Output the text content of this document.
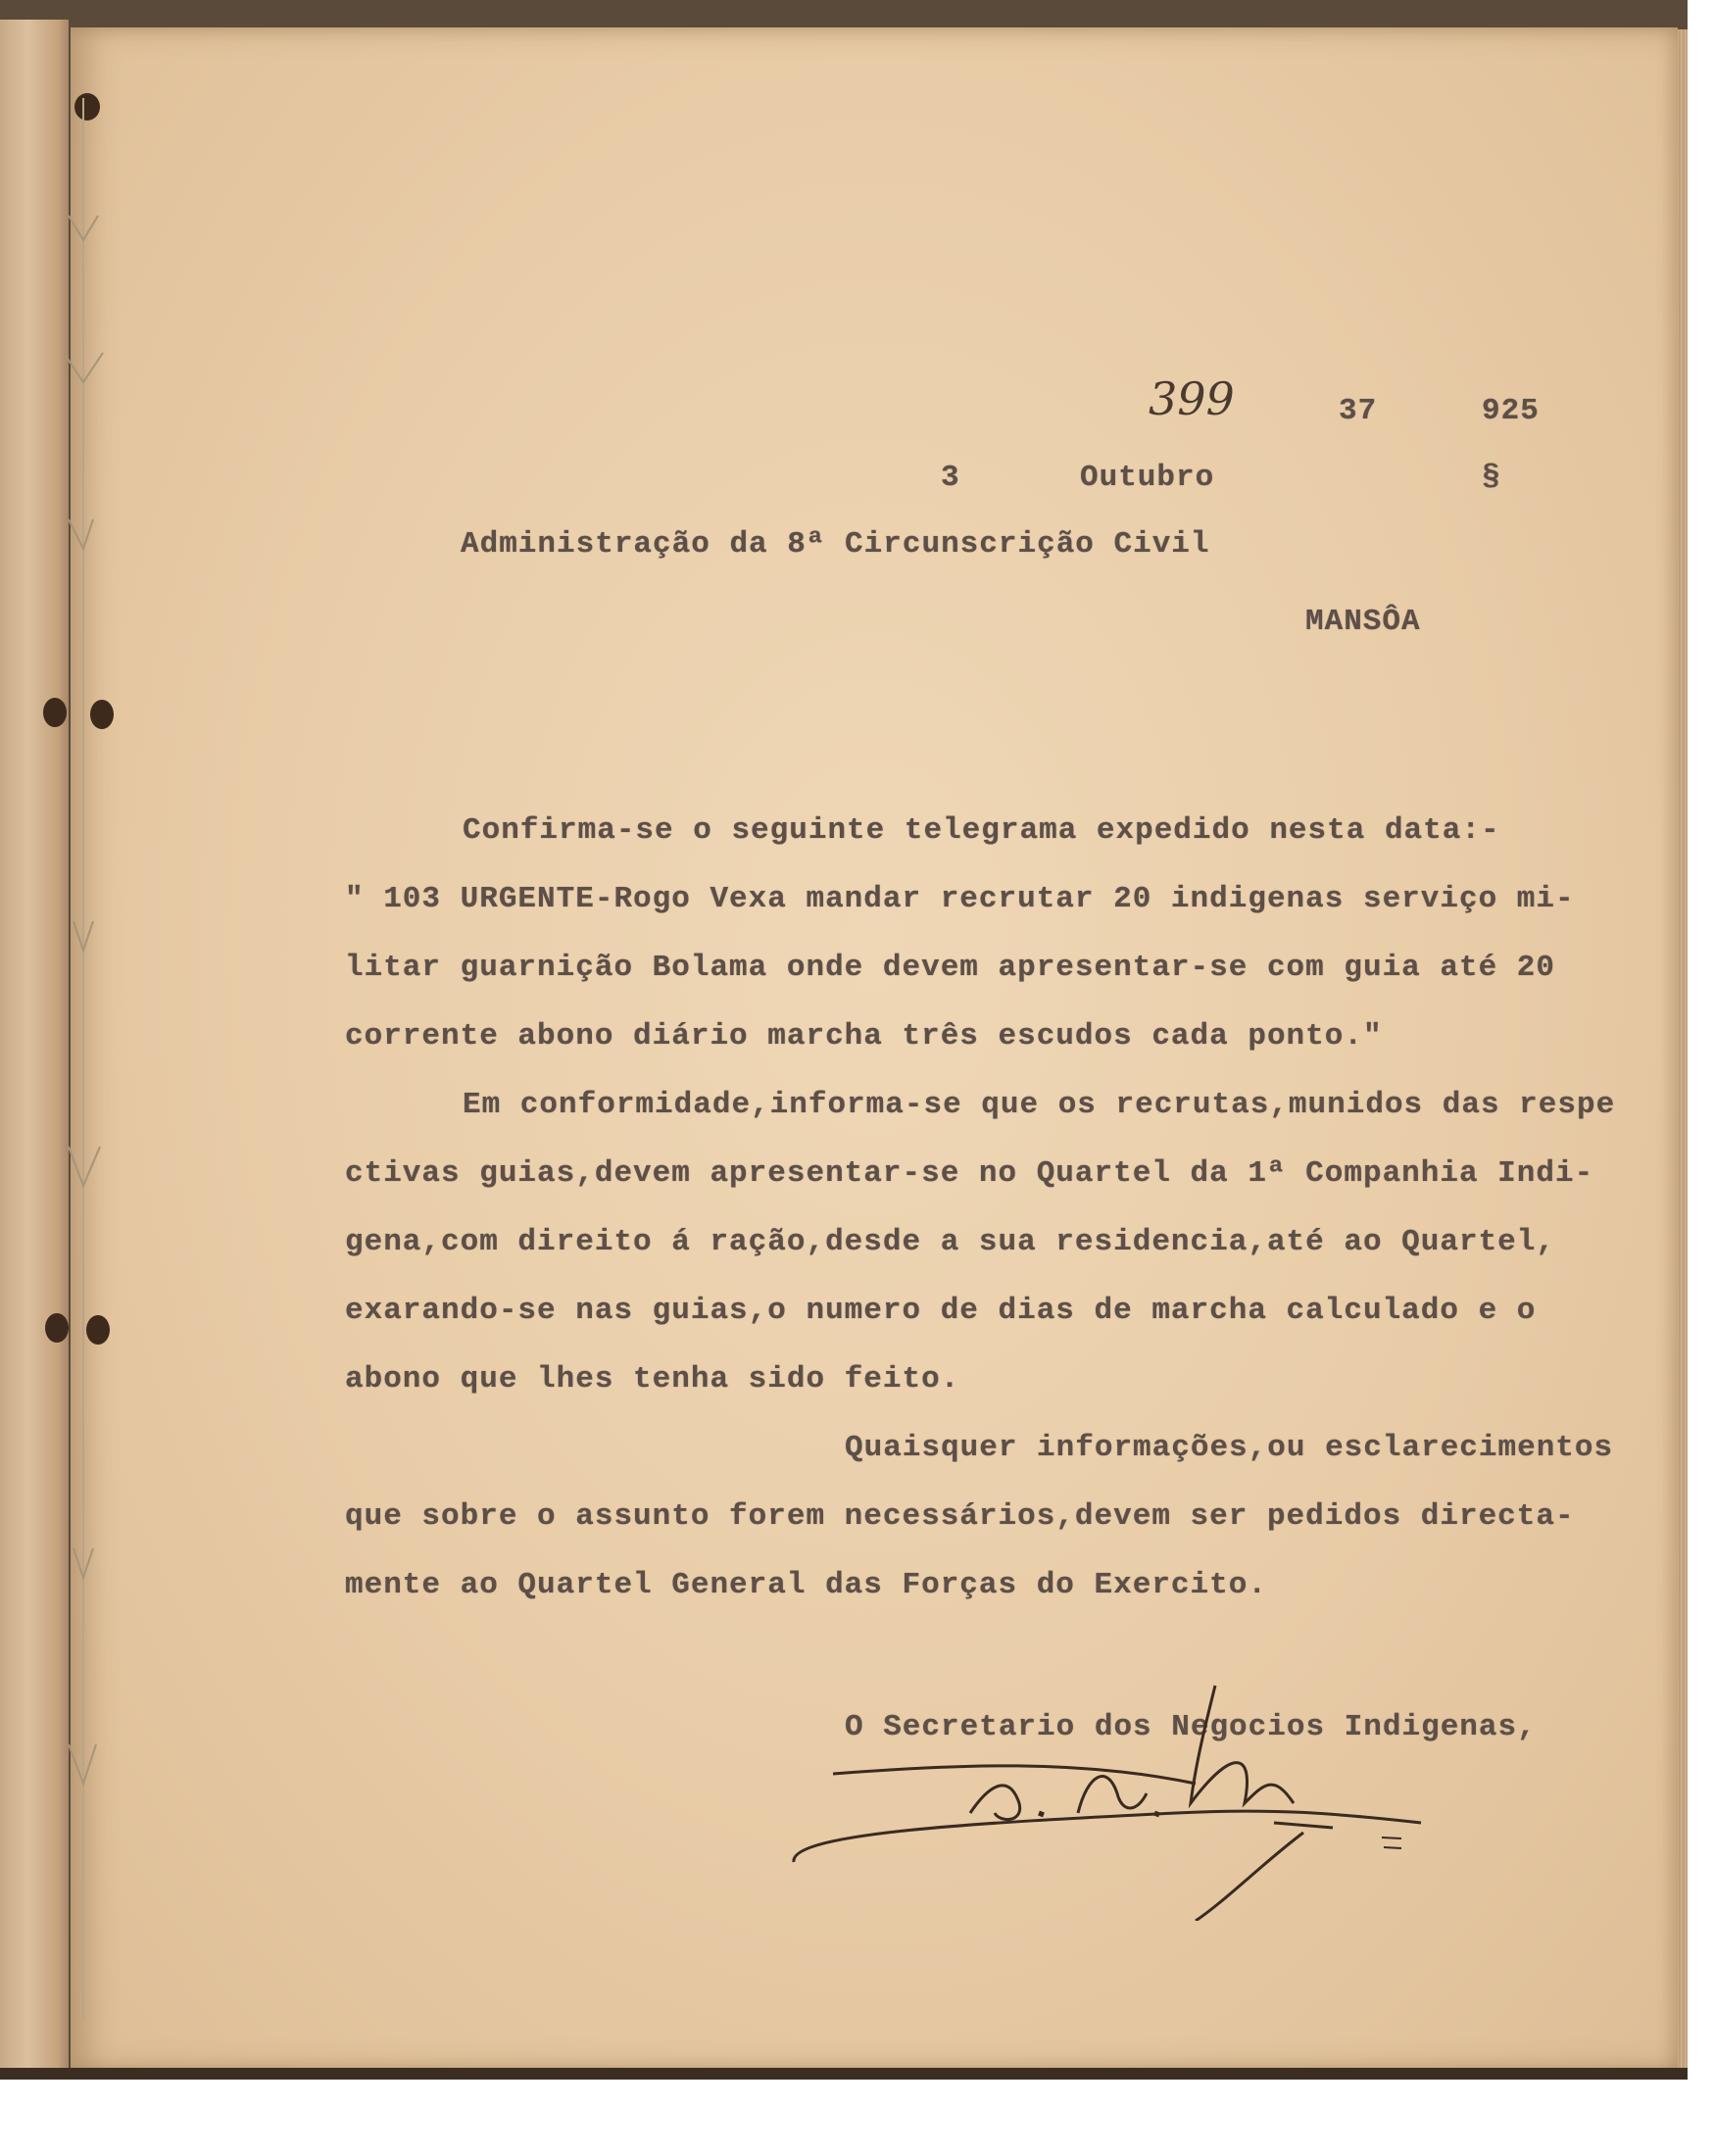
399	37	925
3	Outubro	§
Administração da 8ª Circunscrição Civil
MANSÔA
Confirma-se o seguinte telegrama expedido nesta data:-
" 103 URGENTE-Rogo Vexa mandar recrutar 20 indigenas serviço mi-
litar guarnição Bolama onde devem apresentar-se com guia até 20
corrente abono diário marcha três escudos cada ponto."
Em conformidade,informa-se que os recrutas,munidos das respe
ctivas guias,devem apresentar-se no Quartel da 1ª Companhia Indi-
gena,com direito á ração,desde a sua residencia,até ao Quartel,
exarando-se nas guias,o numero de dias de marcha calculado e o
abono que lhes tenha sido feito.
Quaisquer informações,ou esclarecimentos
que sobre o assunto forem necessários,devem ser pedidos directa-
mente ao Quartel General das Forças do Exercito.
O Secretario dos Negocios Indigenas,
